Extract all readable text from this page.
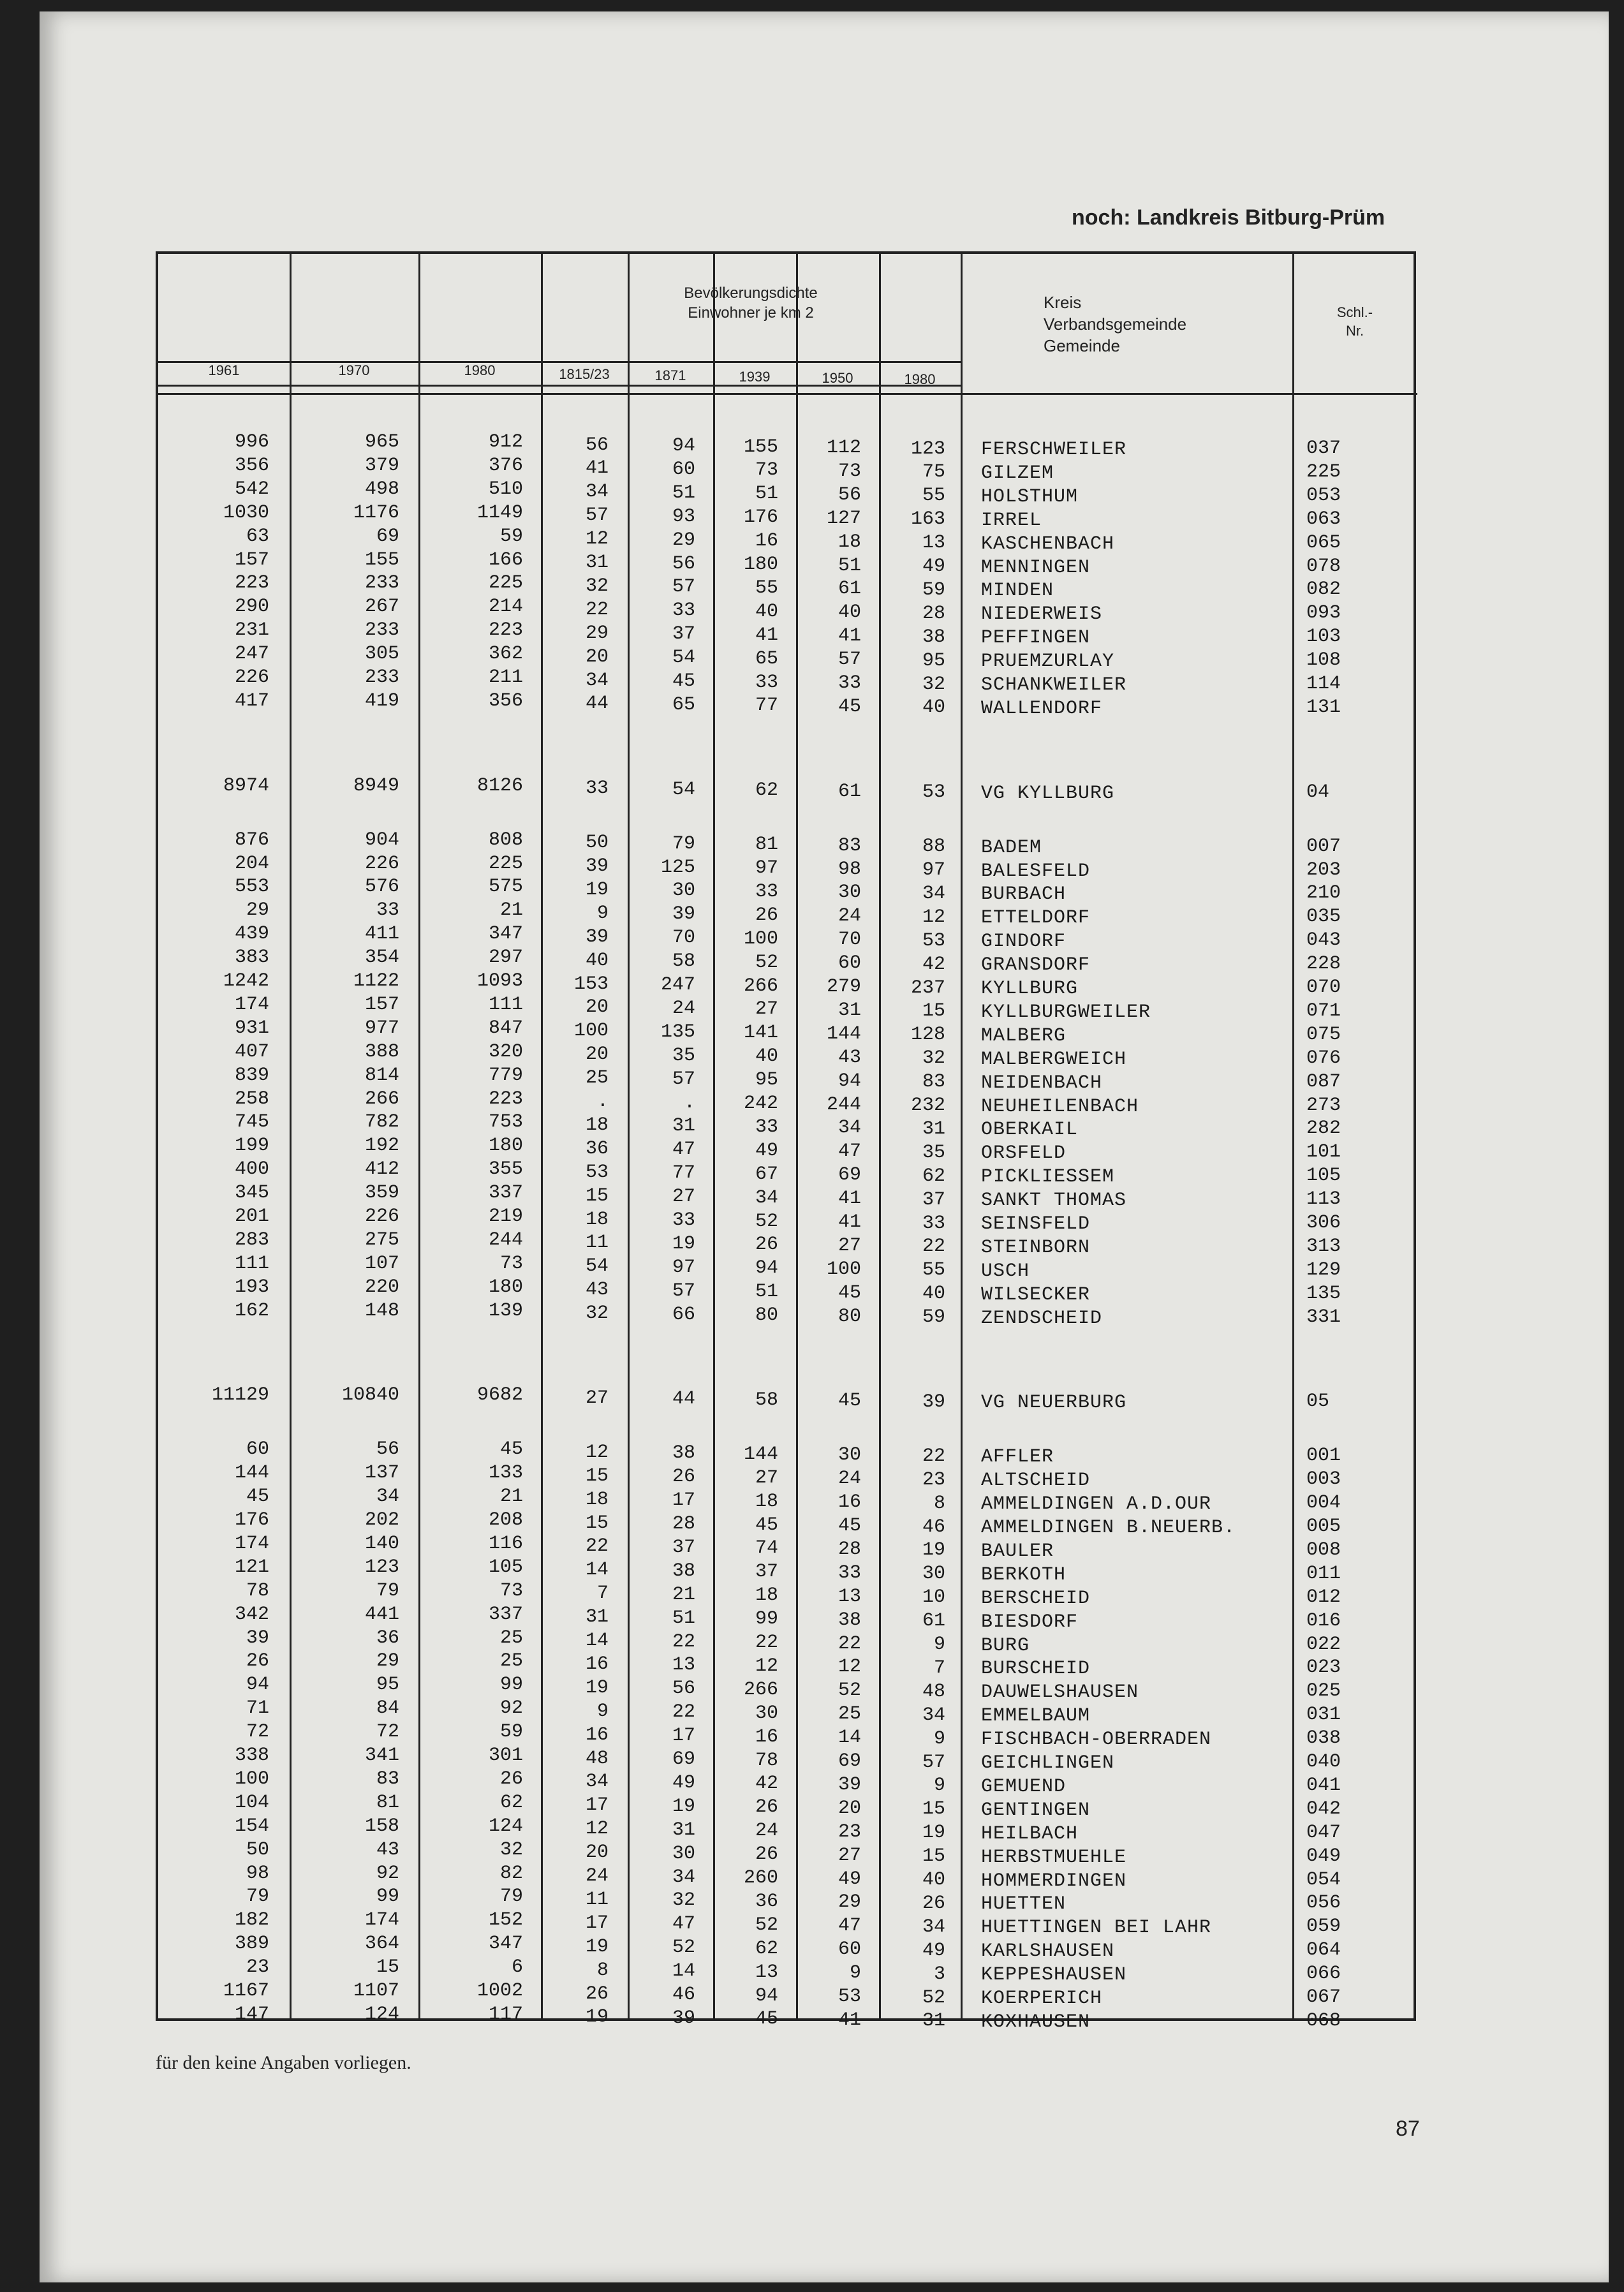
noch: Landkreis Bitburg-Prüm
Bevölkerungsdichte
Einwohner je km 2
Kreis
Verbandsgemeinde
Gemeinde
Schl.-
Nr.
1961	1970	1980	1815/23	1871	1939	1950	1980
996	965	912	56	94	155	112	123 FERSCHWEILER	037
356	379	376	41	60	73	73	75 GILZEM	225
542	498	510	34	51	51	56	55 HOLSTHUM	053
1030	1176	1149	57	93	176	127	163 IRREL	063
63	69	59	12	29	16	18	13 KASCHENBACH	065
157	155	166	31	56	180	51	49 MENNINGEN	078
223	233	225	32	57	55	61	59 MINDEN	082
290	267	214	22	33	40	40	28 NIEDERWEIS	093
231	233	223	29	37	41	41	38 PEFFINGEN	103
247	305	362	20	54	65	57	95 PRUEMZURLAY	108
226	233	211	34	45	33	33	32 SCHANKWEILER	114
417	419	356	44	65	77	45	40 WALLENDORF	131
8974	8949	8126	33	54	62	61	53 VG KYLLBURG	04
876	904	808	50	79	81	83	88 BADEM	007
204	226	225	39	125	97	98	97 BALESFELD	203
553	576	575	19	30	33	30	34 BURBACH	210
29	33	21	9	39	26	24	12 ETTELDORF	035
439	411	347	39	70	100	70	53 GINDORF	043
383	354	297	40	58	52	60	42 GRANSDORF	228
1242	1122	1093	153	247	266	279	237 KYLLBURG	070
174	157	111	20	24	27	31	15 KYLLBURGWEILER	071
931	977	847	100	135	141	144	128 MALBERG	075
407	388	320	20	35	40	43	32 MALBERGWEICH	076
839	814	779	25	57	95	94	83 NEIDENBACH	087
258	266	223	.	.	242	244	232 NEUHEILENBACH	273
745	782	753	18	31	33	34	31 OBERKAIL	282
199	192	180	36	47	49	47	35 ORSFELD	101
400	412	355	53	77	67	69	62 PICKLIESSEM	105
345	359	337	15	27	34	41	37 SANKT THOMAS	113
201	226	219	18	33	52	41	33 SEINSFELD	306
283	275	244	11	19	26	27	22 STEINBORN	313
111	107	73	54	97	94	100	55 USCH	129
193	220	180	43	57	51	45	40 WILSECKER	135
162	148	139	32	66	80	80	59 ZENDSCHEID	331
11129	10840	9682	27	44	58	45	39 VG NEUERBURG	05
60	56	45	12	38	144	30	22 AFFLER	001
144	137	133	15	26	27	24	23 ALTSCHEID	003
45	34	21	18	17	18	16	8 AMMELDINGEN A.D.OUR	004
176	202	208	15	28	45	45	46 AMMELDINGEN B.NEUERB.	005
174	140	116	22	37	74	28	19 BAULER	008
121	123	105	14	38	37	33	30 BERKOTH	011
78	79	73	7	21	18	13	10 BERSCHEID	012
342	441	337	31	51	99	38	61 BIESDORF	016
39	36	25	14	22	22	22	9 BURG	022
26	29	25	16	13	12	12	7 BURSCHEID	023
94	95	99	19	56	266	52	48 DAUWELSHAUSEN	025
71	84	92	9	22	30	25	34 EMMELBAUM	031
72	72	59	16	17	16	14	9 FISCHBACH-OBERRADEN	038
338	341	301	48	69	78	69	57 GEICHLINGEN	040
100	83	26	34	49	42	39	9 GEMUEND	041
104	81	62	17	19	26	20	15 GENTINGEN	042
154	158	124	12	31	24	23	19 HEILBACH	047
50	43	32	20	30	26	27	15 HERBSTMUEHLE	049
98	92	82	24	34	260	49	40 HOMMERDINGEN	054
79	99	79	11	32	36	29	26 HUETTEN	056
182	174	152	17	47	52	47	34 HUETTINGEN BEI LAHR	059
389	364	347	19	52	62	60	49 KARLSHAUSEN	064
23	15	6	8	14	13	9	3 KEPPESHAUSEN	066
1167	1107	1002	26	46	94	53	52 KOERPERICH	067
147	124	117	19	39	45	41	31 KOXHAUSEN	068
für den keine Angaben vorliegen.
87
